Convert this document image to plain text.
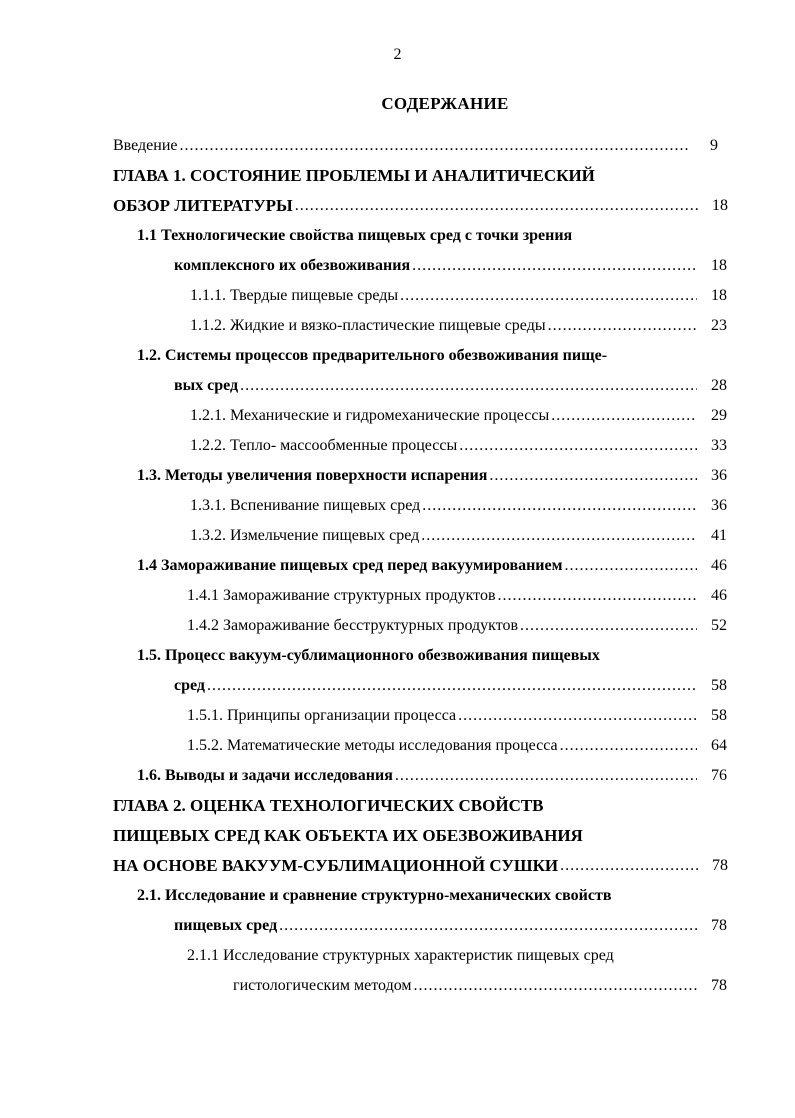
2
СОДЕРЖАНИЕ
Введение .....	9
ГЛАВА 1. СОСТОЯНИЕ ПРОБЛЕМЫ И АНАЛИТИЧЕСКИЙ
ОБЗОР ЛИТЕРАТУРЫ .....	18
1.1 Технологические свойства пищевых сред с точки зрения
комплексного их обезвоживания .....	18
1.1.1. Твердые пищевые среды .....	18
1.1.2. Жидкие и вязко-пластические пищевые среды .....	23
1.2. Системы процессов предварительного обезвоживания пище-
вых сред .....	28
1.2.1. Механические и гидромеханические процессы .....	29
1.2.2. Тепло- массообменные процессы .....	33
1.3. Методы увеличения поверхности испарения .....	36
1.3.1. Вспенивание пищевых сред .....	36
1.3.2. Измельчение пищевых сред .....	41
1.4 Замораживание пищевых сред перед вакуумированием .....	46
1.4.1 Замораживание структурных продуктов .....	46
1.4.2 Замораживание бесструктурных продуктов .....	52
1.5. Процесс вакуум-сублимационного обезвоживания пищевых
сред .....	58
1.5.1. Принципы организации процесса .....	58
1.5.2. Математические методы исследования процесса .....	64
1.6. Выводы и задачи исследования .....	76
ГЛАВА 2. ОЦЕНКА ТЕХНОЛОГИЧЕСКИХ СВОЙСТВ
ПИЩЕВЫХ СРЕД КАК ОБЪЕКТА ИХ ОБЕЗВОЖИВАНИЯ
НА ОСНОВЕ ВАКУУМ-СУБЛИМАЦИОННОЙ СУШКИ .....	78
2.1. Исследование и сравнение структурно-механических свойств
пищевых сред .....	78
2.1.1 Исследование структурных характеристик пищевых сред
гистологическим методом .....	78
